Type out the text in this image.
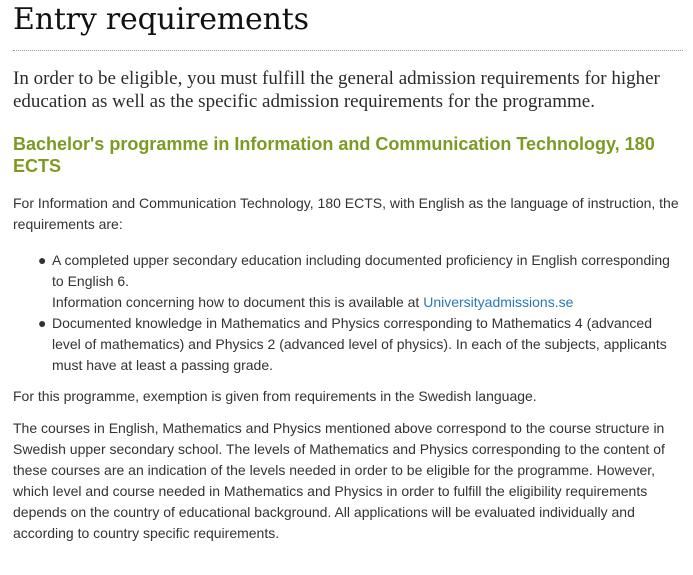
Entry requirements

In order to be eligible, you must fulfill the general admission requirements for higher education as well as the specific admission requirements for the programme.

Bachelor's programme in Information and Communication Technology, 180 ECTS

For Information and Communication Technology, 180 ECTS, with English as the language of instruction, the requirements are:

● A completed upper secondary education including documented proficiency in English corresponding to English 6.
Information concerning how to document this is available at Universityadmissions.se
● Documented knowledge in Mathematics and Physics corresponding to Mathematics 4 (advanced level of mathematics) and Physics 2 (advanced level of physics). In each of the subjects, applicants must have at least a passing grade.

For this programme, exemption is given from requirements in the Swedish language.

The courses in English, Mathematics and Physics mentioned above correspond to the course structure in Swedish upper secondary school. The levels of Mathematics and Physics corresponding to the content of these courses are an indication of the levels needed in order to be eligible for the programme. However, which level and course needed in Mathematics and Physics in order to fulfill the eligibility requirements depends on the country of educational background. All applications will be evaluated individually and according to country specific requirements.
